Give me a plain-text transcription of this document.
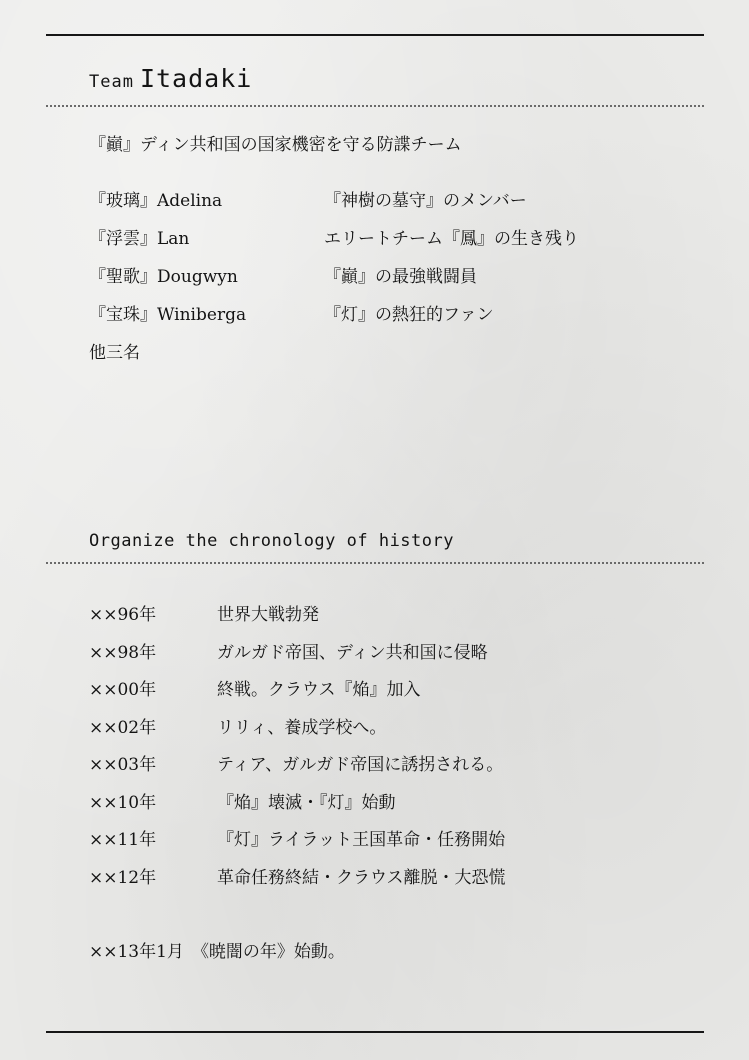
Team Itadaki
『巓』ディン共和国の国家機密を守る防諜チーム
『玻璃』Adelina	『神樹の墓守』のメンバー
『浮雲』Lan	エリートチーム『鳳』の生き残り
『聖歌』Dougwyn	『巓』の最強戦闘員
『宝珠』Winiberga	『灯』の熱狂的ファン
他三名
Organize the chronology of history
××96年	世界大戦勃発
××98年	ガルガド帝国、ディン共和国に侵略
××00年	終戦。クラウス『焔』加入
××02年	リリィ、養成学校へ。
××03年	ティア、ガルガド帝国に誘拐される。
××10年	『焔』壊滅・『灯』始動
××11年	『灯』ライラット王国革命・任務開始
××12年	革命任務終結・クラウス離脱・大恐慌
××13年1月 《暁闇の年》始動。
